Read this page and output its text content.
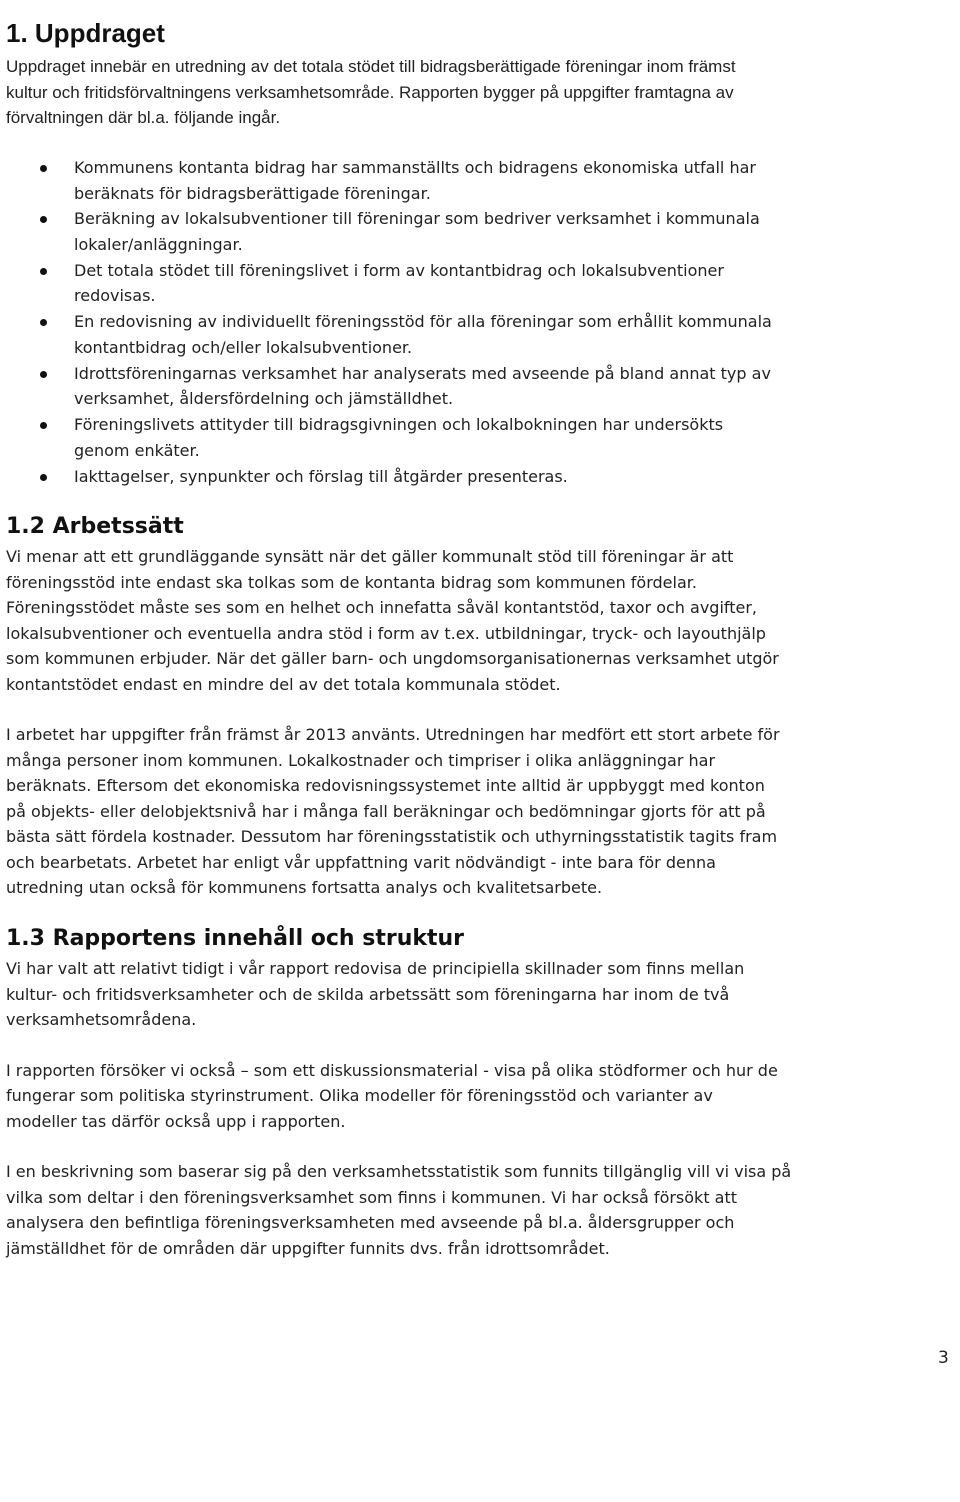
1. Uppdraget

Uppdraget innebär en utredning av det totala stödet till bidragsberättigade föreningar inom främst

kultur och fritidsförvaltningens verksamhetsområde. Rapporten bygger på uppgifter framtagna av

förvaltningen där bl.a. följande ingår.

Kommunens kontanta bidrag har sammanställts och bidragens ekonomiska utfall har
beräknats för bidragsberättigade föreningar.
Beräkning av lokalsubventioner till föreningar som bedriver verksamhet i kommunala
lokaler/anläggningar.
Det totala stödet till föreningslivet i form av kontantbidrag och lokalsubventioner
redovisas.
En redovisning av individuellt föreningsstöd för alla föreningar som erhållit kommunala
kontantbidrag och/eller lokalsubventioner.
Idrottsföreningarnas verksamhet har analyserats med avseende på bland annat typ av
verksamhet, åldersfördelning och jämställdhet.
Föreningslivets attityder till bidragsgivningen och lokalbokningen har undersökts
genom enkäter.
Iakttagelser, synpunkter och förslag till åtgärder presenteras.
1.2 Arbetssätt

Vi menar att ett grundläggande synsätt när det gäller kommunalt stöd till föreningar är att

föreningsstöd inte endast ska tolkas som de kontanta bidrag som kommunen fördelar.

Föreningsstödet måste ses som en helhet och innefatta såväl kontantstöd, taxor och avgifter,

lokalsubventioner och eventuella andra stöd i form av t.ex. utbildningar, tryck- och layouthjälp

som kommunen erbjuder. När det gäller barn- och ungdomsorganisationernas verksamhet utgör

kontantstödet endast en mindre del av det totala kommunala stödet.

I arbetet har uppgifter från främst år 2013 använts. Utredningen har medfört ett stort arbete för

många personer inom kommunen. Lokalkostnader och timpriser i olika anläggningar har

beräknats. Eftersom det ekonomiska redovisningssystemet inte alltid är uppbyggt med konton

på objekts- eller delobjektsnivå har i många fall beräkningar och bedömningar gjorts för att på

bästa sätt fördela kostnader. Dessutom har föreningsstatistik och uthyrningsstatistik tagits fram

och bearbetats. Arbetet har enligt vår uppfattning varit nödvändigt - inte bara för denna

utredning utan också för kommunens fortsatta analys och kvalitetsarbete.

1.3 Rapportens innehåll och struktur

Vi har valt att relativt tidigt i vår rapport redovisa de principiella skillnader som finns mellan

kultur- och fritidsverksamheter och de skilda arbetssätt som föreningarna har inom de två

verksamhetsområdena.

I rapporten försöker vi också – som ett diskussionsmaterial - visa på olika stödformer och hur de

fungerar som politiska styrinstrument. Olika modeller för föreningsstöd och varianter av

modeller tas därför också upp i rapporten.

I en beskrivning som baserar sig på den verksamhetsstatistik som funnits tillgänglig vill vi visa på

vilka som deltar i den föreningsverksamhet som finns i kommunen. Vi har också försökt att

analysera den befintliga föreningsverksamheten med avseende på bl.a. åldersgrupper och

jämställdhet för de områden där uppgifter funnits dvs. från idrottsområdet.

3
